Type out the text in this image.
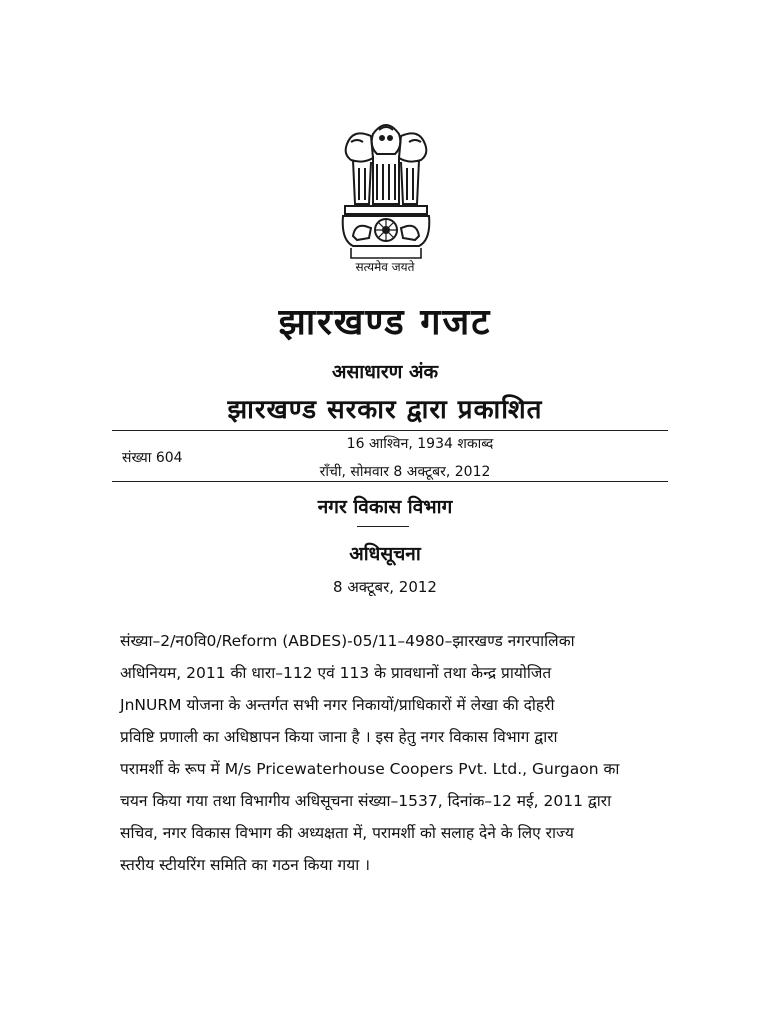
सत्यमेव जयते
झारखण्ड गजट
असाधारण अंक
झारखण्ड सरकार द्वारा प्रकाशित
संख्या 604
16 आश्विन, 1934 शकाब्द
राँची, सोमवार 8 अक्टूबर, 2012
नगर विकास विभाग
अधिसूचना
8 अक्टूबर, 2012
संख्या–2/न0वि0/Reform (ABDES)-05/11–4980–झारखण्ड नगरपालिका
अधिनियम, 2011 की धारा–112 एवं 113 के प्रावधानों तथा केन्द्र प्रायोजित
JnNURM योजना के अन्तर्गत सभी नगर निकायों/प्राधिकारों में लेखा की दोहरी
प्रविष्टि प्रणाली का अधिष्ठापन किया जाना है । इस हेतु नगर विकास विभाग द्वारा
परामर्शी के रूप में M/s Pricewaterhouse Coopers Pvt. Ltd., Gurgaon का
चयन किया गया तथा विभागीय अधिसूचना संख्या–1537, दिनांक–12 मई, 2011 द्वारा
सचिव, नगर विकास विभाग की अध्यक्षता में, परामर्शी को सलाह देने के लिए राज्य
स्तरीय स्टीयरिंग समिति का गठन किया गया ।
